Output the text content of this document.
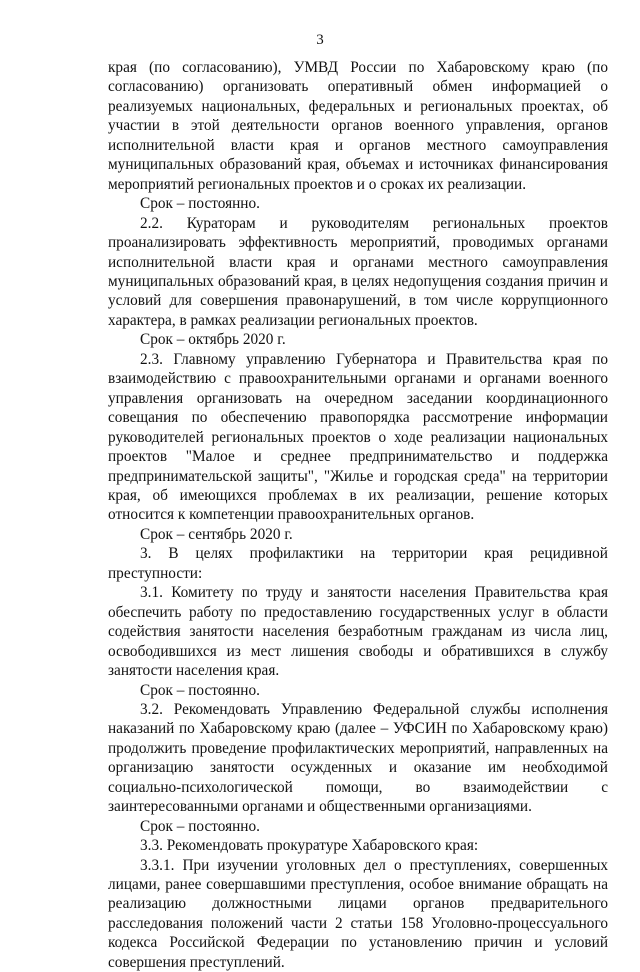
3

края (по согласованию), УМВД России по Хабаровскому краю (по согласованию) организовать оперативный обмен информацией о реализуемых национальных, федеральных и региональных проектах, об участии в этой деятельности органов военного управления, органов исполнительной власти края и органов местного самоуправления муниципальных образований края, объемах и источниках финансирования мероприятий региональных проектов и о сроках их реализации.

Срок – постоянно.

2.2. Кураторам и руководителям региональных проектов проанализировать эффективность мероприятий, проводимых органами исполнительной власти края и органами местного самоуправления муниципальных образований края, в целях недопущения создания причин и условий для совершения правонарушений, в том числе коррупционного характера, в рамках реализации региональных проектов.

Срок – октябрь 2020 г.

2.3. Главному управлению Губернатора и Правительства края по взаимодействию с правоохранительными органами и органами военного управления организовать на очередном заседании координационного совещания по обеспечению правопорядка рассмотрение информации руководителей региональных проектов о ходе реализации национальных проектов "Малое и среднее предпринимательство и поддержка предпринимательской защиты", "Жилье и городская среда" на территории края, об имеющихся проблемах в их реализации, решение которых относится к компетенции правоохранительных органов.

Срок – сентябрь 2020 г.

3. В целях профилактики на территории края рецидивной преступности:

3.1. Комитету по труду и занятости населения Правительства края обеспечить работу по предоставлению государственных услуг в области содействия занятости населения безработным гражданам из числа лиц, освободившихся из мест лишения свободы и обратившихся в службу занятости населения края.

Срок – постоянно.

3.2. Рекомендовать Управлению Федеральной службы исполнения наказаний по Хабаровскому краю (далее – УФСИН по Хабаровскому краю) продолжить проведение профилактических мероприятий, направленных на организацию занятости осужденных и оказание им необходимой социально-психологической помощи, во взаимодействии с заинтересованными органами и общественными организациями.

Срок – постоянно.

3.3. Рекомендовать прокуратуре Хабаровского края:

3.3.1. При изучении уголовных дел о преступлениях, совершенных лицами, ранее совершавшими преступления, особое внимание обращать на реализацию должностными лицами органов предварительного расследования положений части 2 статьи 158 Уголовно-процессуального кодекса Российской Федерации по установлению причин и условий совершения преступлений.
